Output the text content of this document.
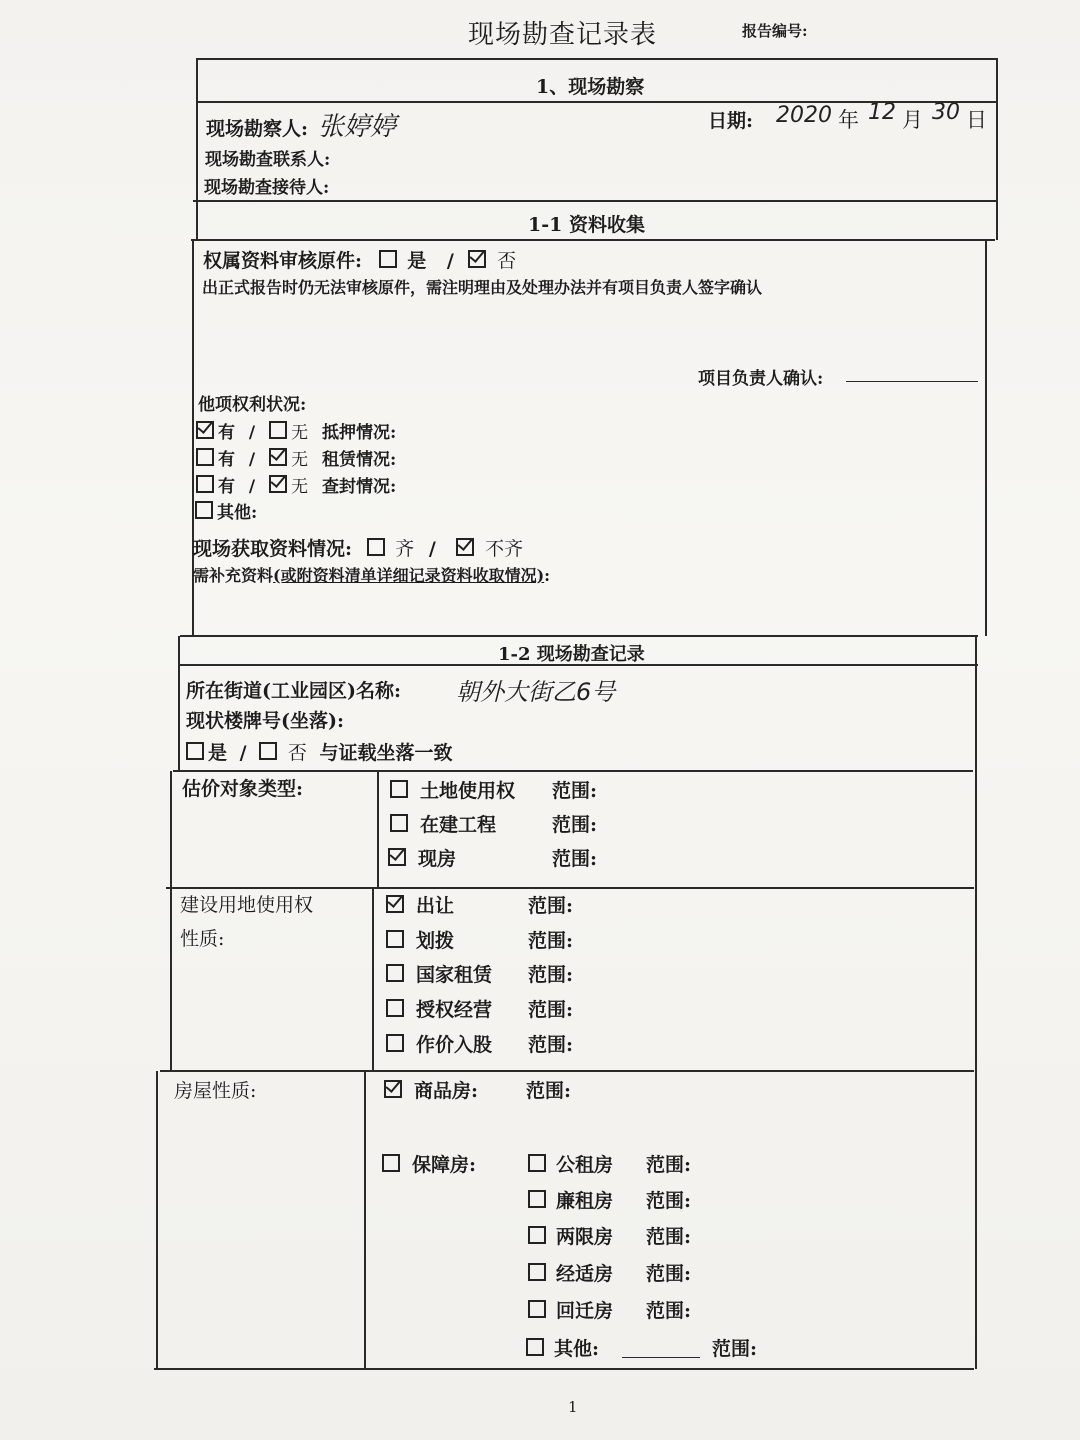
现场勘查记录表	报告编号:
1、现场勘察
现场勘察人: 张婷婷	日期: 2020 年 12 月 30 日
现场勘查联系人:
现场勘查接待人:
1-1 资料收集
权属资料审核原件: 是 / 否
出正式报告时仍无法审核原件，需注明理由及处理办法并有项目负责人签字确认
项目负责人确认:
他项权利状况:
有 / 无 抵押情况:
有 / 无 租赁情况:
有 / 无 查封情况:
其他:
现场获取资料情况: 齐 /	不齐
需补充资料(或附资料清单详细记录资料收取情况):
1-2 现场勘查记录
所在街道(工业园区)名称: 朝外大街乙6号
现状楼牌号(坐落):
是 / 否 与证载坐落一致
估价对象类型:	土地使用权 范围:
在建工程	范围:
现房	范围:
建设用地使用权
性质:
出让	范围:
划拨	范围:
国家租赁 范围:
授权经营 范围:
作价入股 范围:
房屋性质:	商品房:	范围:
保障房:	公租房 范围:
廉租房 范围:
两限房 范围:
经适房 范围:
回迁房 范围:
其他:	范围:
1
